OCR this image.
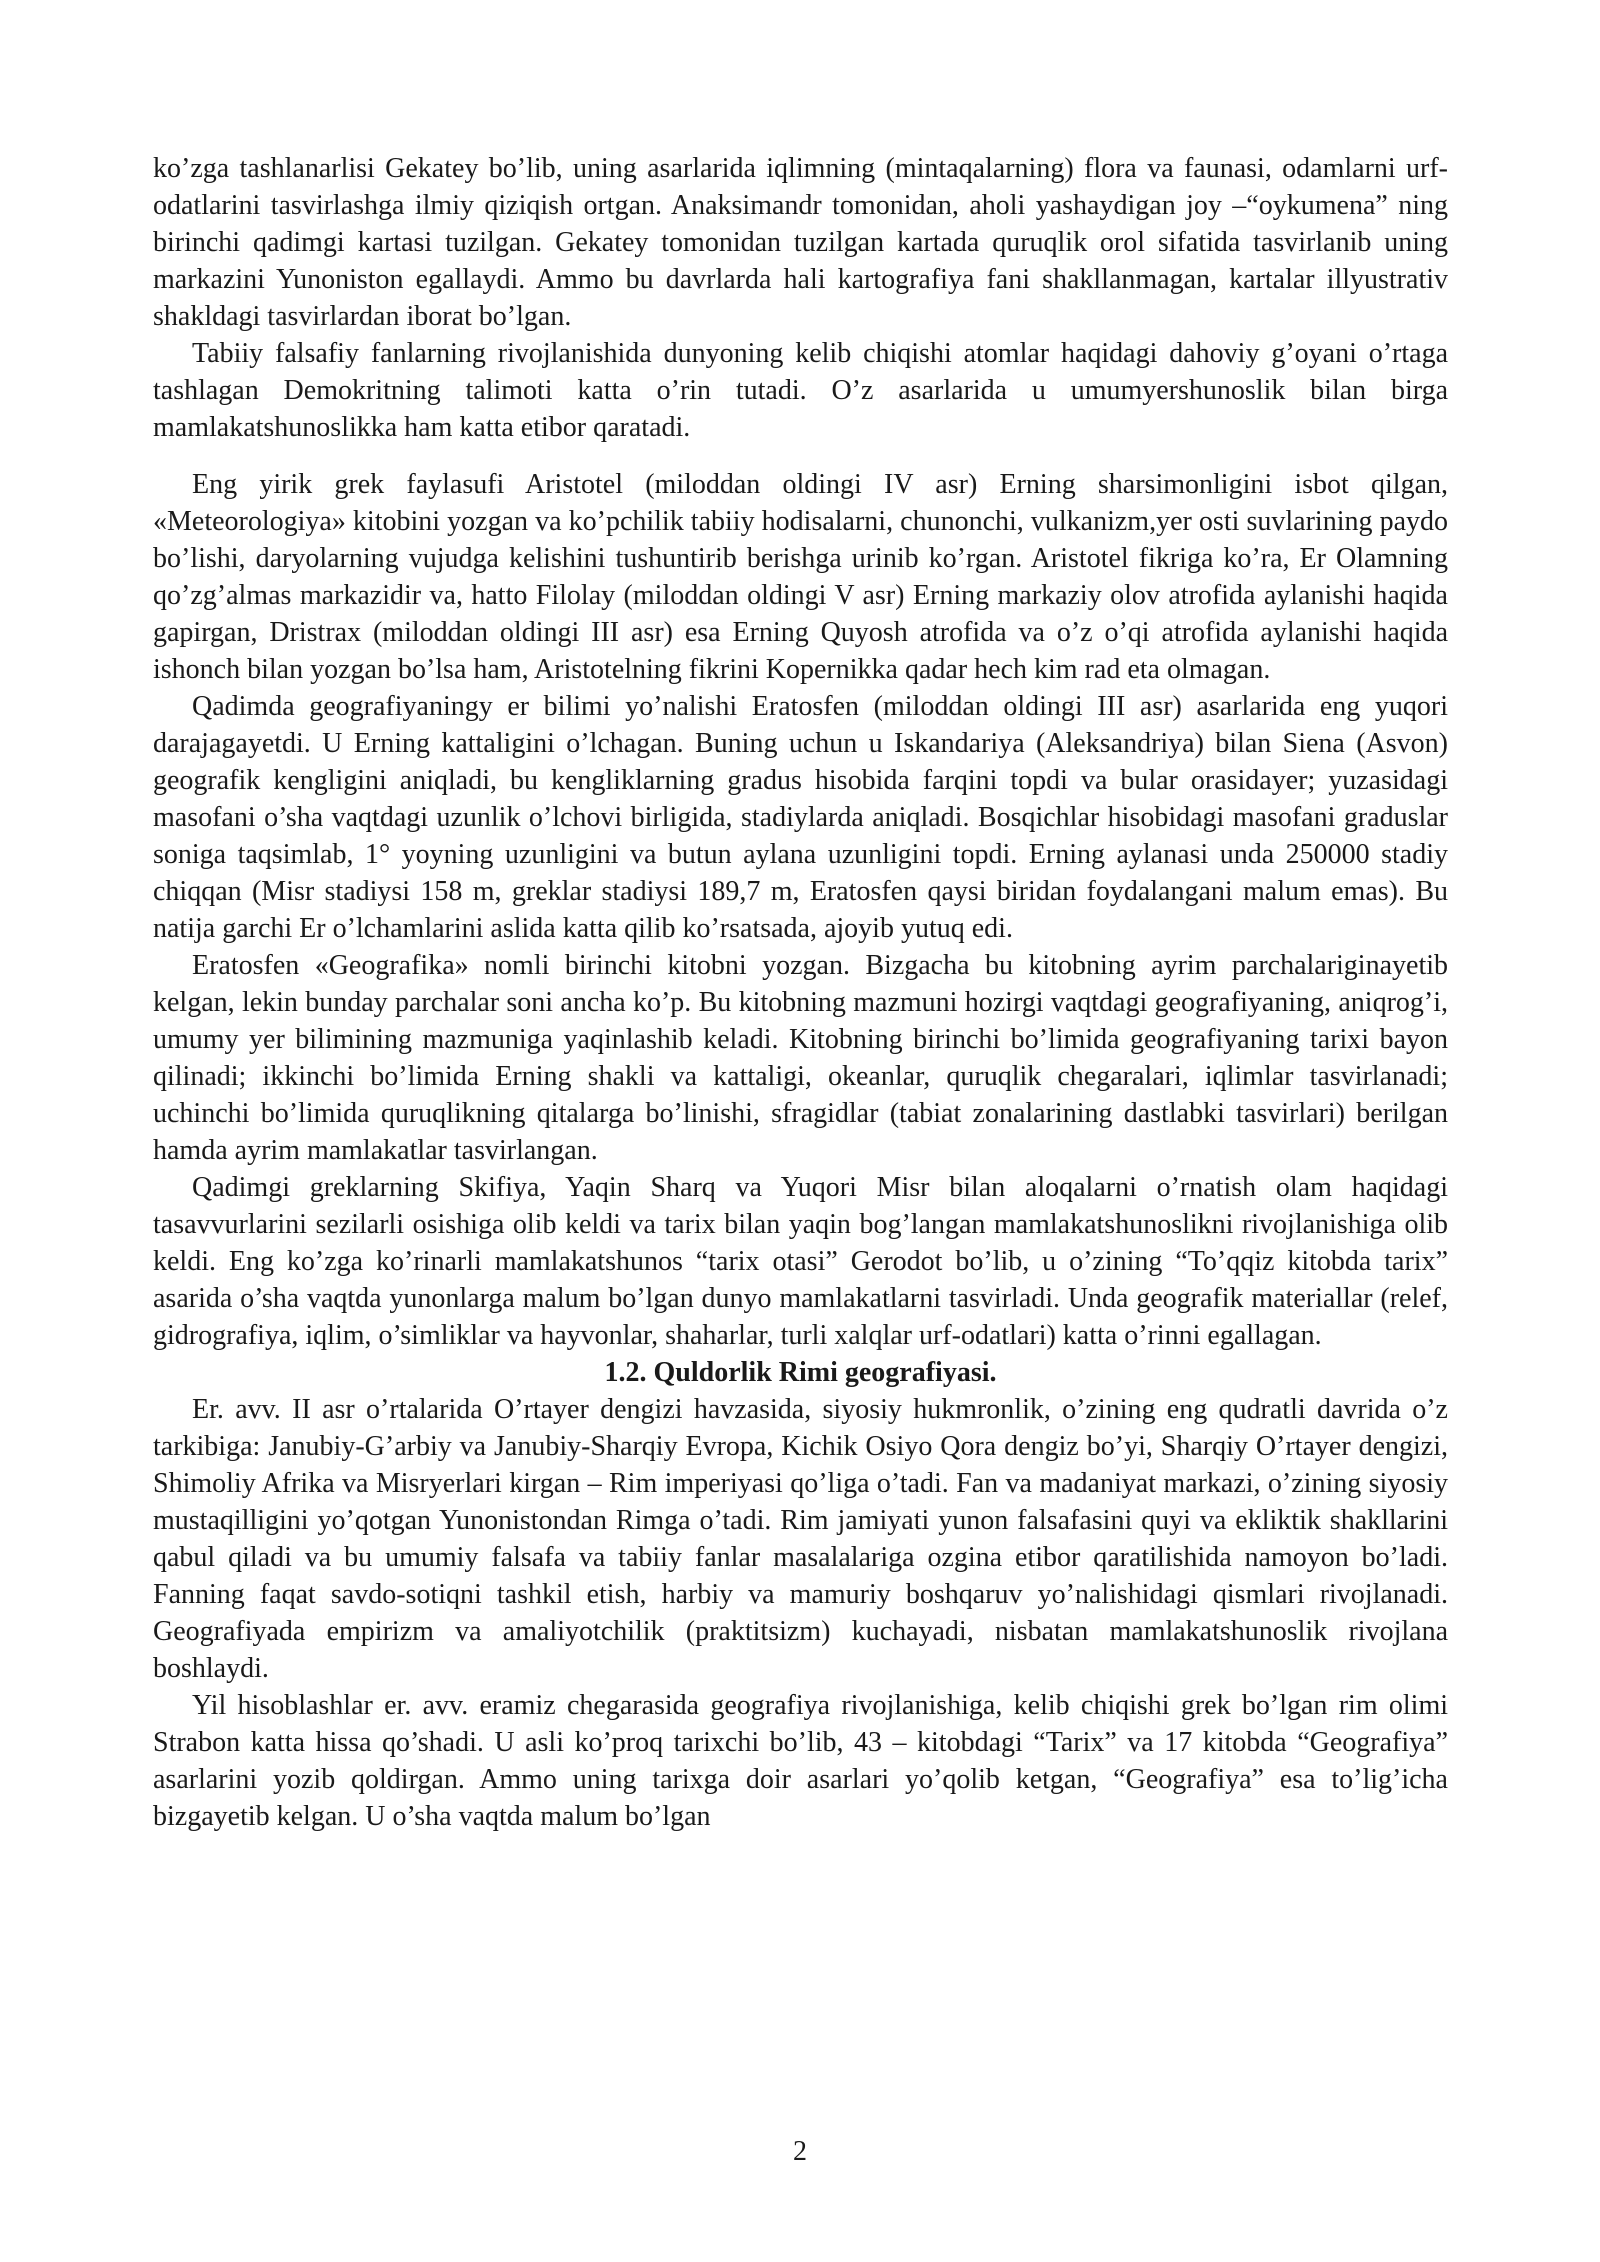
ko’zga tashlanarlisi Gekatey bo’lib, uning asarlarida iqlimning (mintaqalarning) flora va faunasi, odamlarni urf-odatlarini tasvirlashga ilmiy qiziqish ortgan. Anaksimandr tomonidan, aholi yashaydigan joy –“oykumena” ning birinchi qadimgi kartasi tuzilgan. Gekatey tomonidan tuzilgan kartada quruqlik orol sifatida tasvirlanib uning markazini Yunoniston egallaydi. Ammo bu davrlarda hali kartografiya fani shakllanmagan, kartalar illyustrativ shakldagi tasvirlardan iborat bo’lgan.

Tabiiy falsafiy fanlarning rivojlanishida dunyoning kelib chiqishi atomlar haqidagi dahoviy g’oyani o’rtaga tashlagan Demokritning talimoti katta o’rin tutadi. O’z asarlarida u umumyershunoslik bilan birga mamlakatshunoslikka ham katta etibor qaratadi.

Eng yirik grek faylasufi Aristotel (miloddan oldingi IV asr) Erning sharsimonligini isbot qilgan, «Meteorologiya» kitobini yozgan va ko’pchilik tabiiy hodisalarni, chunonchi, vulkanizm,yer osti suvlarining paydo bo’lishi, daryolarning vujudga kelishini tushuntirib berishga urinib ko’rgan. Aristotel fikriga ko’ra, Er Olamning qo’zg’almas markazidir va, hatto Filolay (miloddan oldingi V asr) Erning markaziy olov atrofida aylanishi haqida gapirgan, Dristrax (miloddan oldingi III asr) esa Erning Quyosh atrofida va o’z o’qi atrofida aylanishi haqida ishonch bilan yozgan bo’lsa ham, Aristotelning fikrini Kopernikka qadar hech kim rad eta olmagan.

Qadimda geografiyaningy er bilimi yo’nalishi Eratosfen (miloddan oldingi III asr) asarlarida eng yuqori darajagayetdi. U Erning kattaligini o’lchagan. Buning uchun u Iskandariya (Aleksandriya) bilan Siena (Asvon) geografik kengligini aniqladi, bu kengliklarning gradus hisobida farqini topdi va bular orasidayer; yuzasidagi masofani o’sha vaqtdagi uzunlik o’lchovi birligida, stadiylarda aniqladi. Bosqichlar hisobidagi masofani graduslar soniga taqsimlab, 1° yoyning uzunligini va butun aylana uzunligini topdi. Erning aylanasi unda 250000 stadiy chiqqan (Misr stadiysi 158 m, greklar stadiysi 189,7 m, Eratosfen qaysi biridan foydalangani malum emas). Bu natija garchi Er o’lchamlarini aslida katta qilib ko’rsatsada, ajoyib yutuq edi.

Eratosfen «Geografika» nomli birinchi kitobni yozgan. Bizgacha bu kitobning ayrim parchalariginayetib kelgan, lekin bunday parchalar soni ancha ko’p. Bu kitobning mazmuni hozirgi vaqtdagi geografiyaning, aniqrog’i, umumy yer bilimining mazmuniga yaqinlashib keladi. Kitobning birinchi bo’limida geografiyaning tarixi bayon qilinadi; ikkinchi bo’limida Erning shakli va kattaligi, okeanlar, quruqlik chegaralari, iqlimlar tasvirlanadi; uchinchi bo’limida quruqlikning qitalarga bo’linishi, sfragidlar (tabiat zonalarining dastlabki tasvirlari) berilgan hamda ayrim mamlakatlar tasvirlangan.

Qadimgi greklarning Skifiya, Yaqin Sharq va Yuqori Misr bilan aloqalarni o’rnatish olam haqidagi tasavvurlarini sezilarli osishiga olib keldi va tarix bilan yaqin bog’langan mamlakatshunoslikni rivojlanishiga olib keldi. Eng ko’zga ko’rinarli mamlakatshunos “tarix otasi” Gerodot bo’lib, u o’zining “To’qqiz kitobda tarix” asarida o’sha vaqtda yunonlarga malum bo’lgan dunyo mamlakatlarni tasvirladi. Unda geografik materiallar (relef, gidrografiya, iqlim, o’simliklar va hayvonlar, shaharlar, turli xalqlar urf-odatlari) katta o’rinni egallagan.

1.2. Quldorlik Rimi geografiyasi.

Er. avv. II asr o’rtalarida O’rtayer dengizi havzasida, siyosiy hukmronlik, o’zining eng qudratli davrida o’z tarkibiga: Janubiy-G’arbiy va Janubiy-Sharqiy Evropa, Kichik Osiyo Qora dengiz bo’yi, Sharqiy O’rtayer dengizi, Shimoliy Afrika va Misryerlari kirgan – Rim imperiyasi qo’liga o’tadi. Fan va madaniyat markazi, o’zining siyosiy mustaqilligini yo’qotgan Yunonistondan Rimga o’tadi. Rim jamiyati yunon falsafasini quyi va ekliktik shakllarini qabul qiladi va bu umumiy falsafa va tabiiy fanlar masalalariga ozgina etibor qaratilishida namoyon bo’ladi. Fanning faqat savdo-sotiqni tashkil etish, harbiy va mamuriy boshqaruv yo’nalishidagi qismlari rivojlanadi. Geografiyada empirizm va amaliyotchilik (praktitsizm) kuchayadi, nisbatan mamlakatshunoslik rivojlana boshlaydi.

Yil hisoblashlar er. avv. eramiz chegarasida geografiya rivojlanishiga, kelib chiqishi grek bo’lgan rim olimi Strabon katta hissa qo’shadi. U asli ko’proq tarixchi bo’lib, 43 – kitobdagi “Tarix” va 17 kitobda “Geografiya” asarlarini yozib qoldirgan. Ammo uning tarixga doir asarlari yo’qolib ketgan, “Geografiya” esa to’lig’icha bizgayetib kelgan. U o’sha vaqtda malum bo’lgan

2
